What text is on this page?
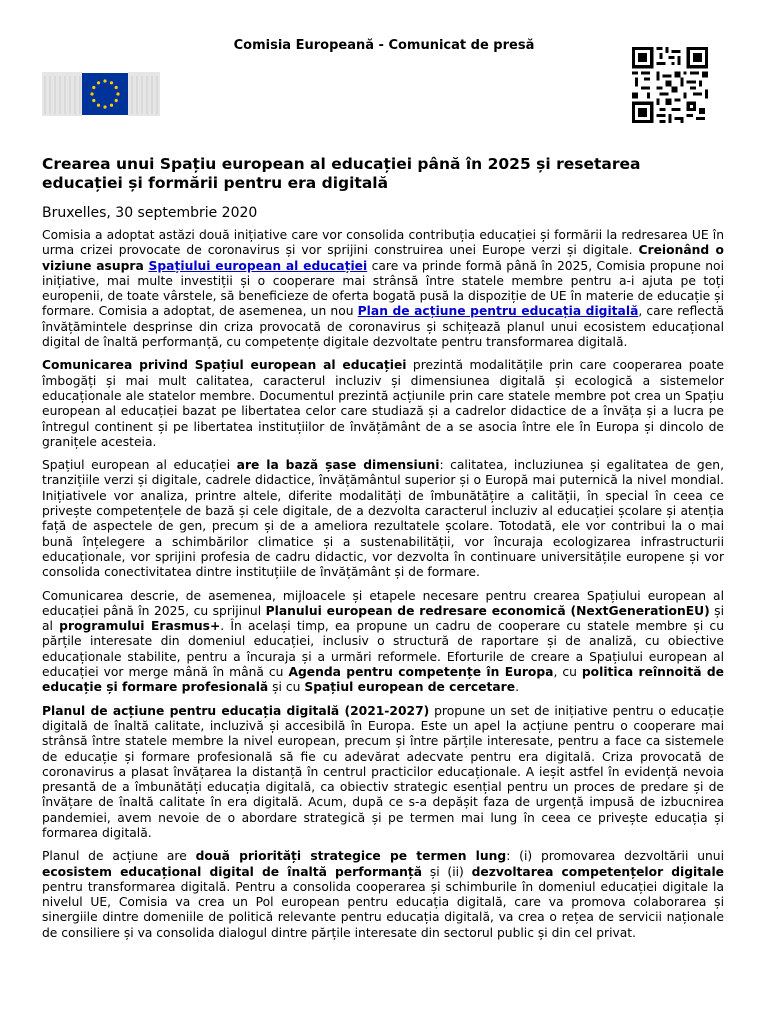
Comisia Europeană - Comunicat de presă
Crearea unui Spațiu european al educației până în 2025 și resetarea educației și formării pentru era digitală

Bruxelles, 30 septembrie 2020

Comisia a adoptat astăzi două inițiative care vor consolida contribuția educației și formării la redresarea UE în urma crizei provocate de coronavirus și vor sprijini construirea unei Europe verzi și digitale. Creionând o viziune asupra Spațiului european al educației care va prinde formă până în 2025, Comisia propune noi inițiative, mai multe investiții și o cooperare mai strânsă între statele membre pentru a-i ajuta pe toți europenii, de toate vârstele, să beneficieze de oferta bogată pusă la dispoziție de UE în materie de educație și formare. Comisia a adoptat, de asemenea, un nou Plan de acțiune pentru educația digitală, care reflectă învățămintele desprinse din criza provocată de coronavirus și schițează planul unui ecosistem educațional digital de înaltă performanță, cu competențe digitale dezvoltate pentru transformarea digitală.

Comunicarea privind Spațiul european al educației prezintă modalitățile prin care cooperarea poate îmbogăți și mai mult calitatea, caracterul incluziv și dimensiunea digitală și ecologică a sistemelor educaționale ale statelor membre. Documentul prezintă acțiunile prin care statele membre pot crea un Spațiu european al educației bazat pe libertatea celor care studiază și a cadrelor didactice de a învăța și a lucra pe întregul continent și pe libertatea instituțiilor de învățământ de a se asocia între ele în Europa și dincolo de granițele acesteia.

Spațiul european al educației are la bază șase dimensiuni: calitatea, incluziunea și egalitatea de gen, tranzițiile verzi și digitale, cadrele didactice, învățământul superior și o Europă mai puternică la nivel mondial. Inițiativele vor analiza, printre altele, diferite modalități de îmbunătățire a calității, în special în ceea ce privește competențele de bază și cele digitale, de a dezvolta caracterul incluziv al educației școlare și atenția față de aspectele de gen, precum și de a ameliora rezultatele școlare. Totodată, ele vor contribui la o mai bună înțelegere a schimbărilor climatice și a sustenabilității, vor încuraja ecologizarea infrastructurii educaționale, vor sprijini profesia de cadru didactic, vor dezvolta în continuare universitățile europene și vor consolida conectivitatea dintre instituțiile de învățământ și de formare.

Comunicarea descrie, de asemenea, mijloacele și etapele necesare pentru crearea Spațiului european al educației până în 2025, cu sprijinul Planului european de redresare economică (NextGenerationEU) și al programului Erasmus+. În același timp, ea propune un cadru de cooperare cu statele membre și cu părțile interesate din domeniul educației, inclusiv o structură de raportare și de analiză, cu obiective educaționale stabilite, pentru a încuraja și a urmări reformele. Eforturile de creare a Spațiului european al educației vor merge mână în mână cu Agenda pentru competențe în Europa, cu politica reînnoită de educație și formare profesională și cu Spațiul european de cercetare.

Planul de acțiune pentru educația digitală (2021-2027) propune un set de inițiative pentru o educație digitală de înaltă calitate, incluzivă și accesibilă în Europa. Este un apel la acțiune pentru o cooperare mai strânsă între statele membre la nivel european, precum și între părțile interesate, pentru a face ca sistemele de educație și formare profesională să fie cu adevărat adecvate pentru era digitală. Criza provocată de coronavirus a plasat învățarea la distanță în centrul practicilor educaționale. A ieșit astfel în evidență nevoia presantă de a îmbunătăți educația digitală, ca obiectiv strategic esențial pentru un proces de predare și de învățare de înaltă calitate în era digitală. Acum, după ce s-a depășit faza de urgență impusă de izbucnirea pandemiei, avem nevoie de o abordare strategică și pe termen mai lung în ceea ce privește educația și formarea digitală.

Planul de acțiune are două priorități strategice pe termen lung: (i) promovarea dezvoltării unui ecosistem educațional digital de înaltă performanță și (ii) dezvoltarea competențelor digitale pentru transformarea digitală. Pentru a consolida cooperarea și schimburile în domeniul educației digitale la nivelul UE, Comisia va crea un Pol european pentru educația digitală, care va promova colaborarea și sinergiile dintre domeniile de politică relevante pentru educația digitală, va crea o rețea de servicii naționale de consiliere și va consolida dialogul dintre părțile interesate din sectorul public și din cel privat.
